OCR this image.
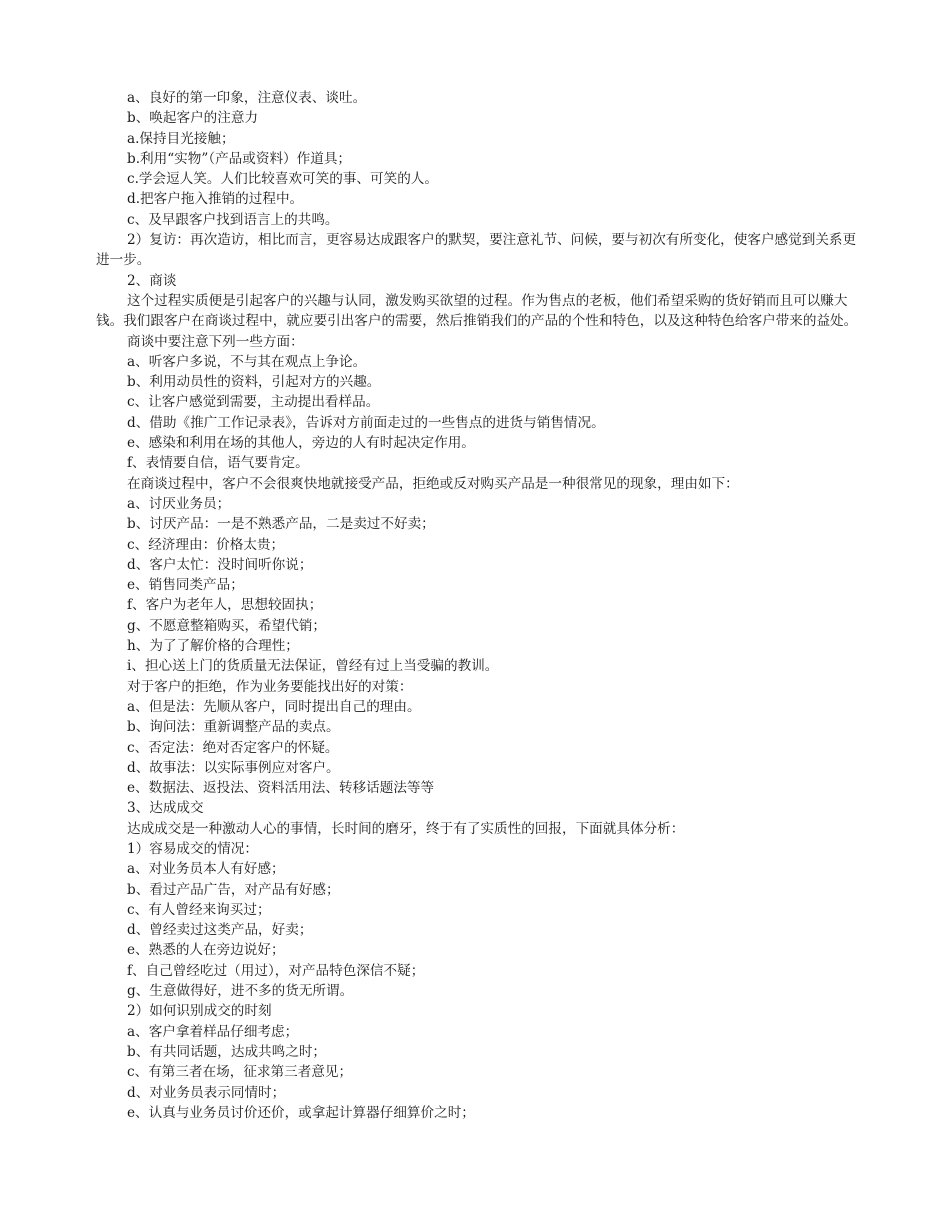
a、良好的第一印象，注意仪表、谈吐。
b、唤起客户的注意力
a.保持目光接触；
b.利用“实物”（产品或资料）作道具；
c.学会逗人笑。人们比较喜欢可笑的事、可笑的人。
d.把客户拖入推销的过程中。
c、及早跟客户找到语言上的共鸣。
2）复访：再次造访，相比而言，更容易达成跟客户的默契，要注意礼节、问候，要与初次有所变化，使客户感觉到关系更进一步。
2、商谈
这个过程实质便是引起客户的兴趣与认同，激发购买欲望的过程。作为售点的老板，他们希望采购的货好销而且可以赚大钱。我们跟客户在商谈过程中，就应要引出客户的需要，然后推销我们的产品的个性和特色，以及这种特色给客户带来的益处。
商谈中要注意下列一些方面：
a、听客户多说，不与其在观点上争论。
b、利用动员性的资料，引起对方的兴趣。
c、让客户感觉到需要，主动提出看样品。
d、借助《推广工作记录表》，告诉对方前面走过的一些售点的进货与销售情况。
e、感染和利用在场的其他人，旁边的人有时起决定作用。
f、表情要自信，语气要肯定。
在商谈过程中，客户不会很爽快地就接受产品，拒绝或反对购买产品是一种很常见的现象，理由如下：
a、讨厌业务员；
b、讨厌产品：一是不熟悉产品，二是卖过不好卖；
c、经济理由：价格太贵；
d、客户太忙：没时间听你说；
e、销售同类产品；
f、客户为老年人，思想较固执；
g、不愿意整箱购买，希望代销；
h、为了了解价格的合理性；
i、担心送上门的货质量无法保证，曾经有过上当受骗的教训。
对于客户的拒绝，作为业务要能找出好的对策：
a、但是法：先顺从客户，同时提出自己的理由。
b、询问法：重新调整产品的卖点。
c、否定法：绝对否定客户的怀疑。
d、故事法：以实际事例应对客户。
e、数据法、返投法、资料活用法、转移话题法等等
3、达成成交
达成成交是一种激动人心的事情，长时间的磨牙，终于有了实质性的回报，下面就具体分析：
1）容易成交的情况：
a、对业务员本人有好感；
b、看过产品广告，对产品有好感；
c、有人曾经来询买过；
d、曾经卖过这类产品，好卖；
e、熟悉的人在旁边说好；
f、自己曾经吃过（用过），对产品特色深信不疑；
g、生意做得好，进不多的货无所谓。
2）如何识别成交的时刻
a、客户拿着样品仔细考虑；
b、有共同话题，达成共鸣之时；
c、有第三者在场，征求第三者意见；
d、对业务员表示同情时；
e、认真与业务员讨价还价，或拿起计算器仔细算价之时；
